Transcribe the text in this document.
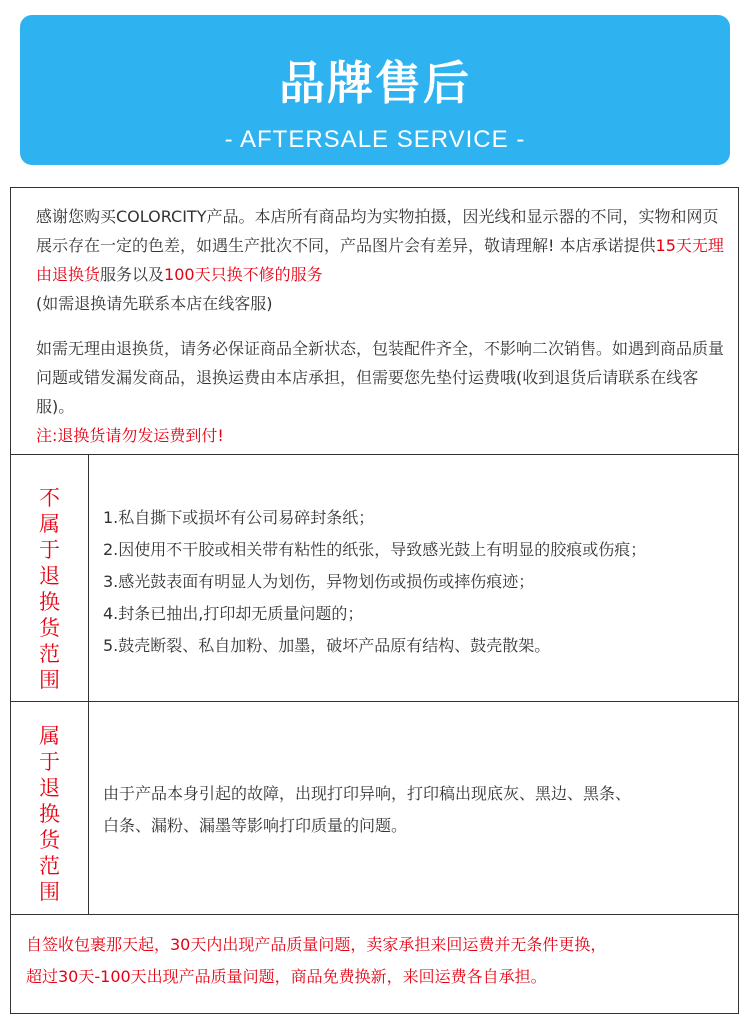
品牌售后
- AFTERSALE SERVICE -

感谢您购买COLORCITY产品。本店所有商品均为实物拍摄，因光线和显示器的不同，实物和网页展示存在一定的色差，如遇生产批次不同，产品图片会有差异，敬请理解! 本店承诺提供15天无理由退换货服务以及100天只换不修的服务
(如需退换请先联系本店在线客服)

如需无理由退换货，请务必保证商品全新状态，包装配件齐全，不影响二次销售。如遇到商品质量问题或错发漏发商品，退换运费由本店承担，但需要您先垫付运费哦(收到退货后请联系在线客服)。
注:退换货请勿发运费到付!

不
属
于
退
换
货
范
围
1.私自撕下或损坏有公司易碎封条纸；
2.因使用不干胶或相关带有粘性的纸张，导致感光鼓上有明显的胶痕或伤痕；
3.感光鼓表面有明显人为划伤，异物划伤或损伤或摔伤痕迹；
4.封条已抽出,打印却无质量问题的；
5.鼓壳断裂、私自加粉、加墨，破坏产品原有结构、鼓壳散架。
属
于
退
换
货
范
围
由于产品本身引起的故障，出现打印异响，打印稿出现底灰、黑边、黑条、
白条、漏粉、漏墨等影响打印质量的问题。
自签收包裹那天起，30天内出现产品质量问题，卖家承担来回运费并无条件更换，
超过30天-100天出现产品质量问题，商品免费换新，来回运费各自承担。
